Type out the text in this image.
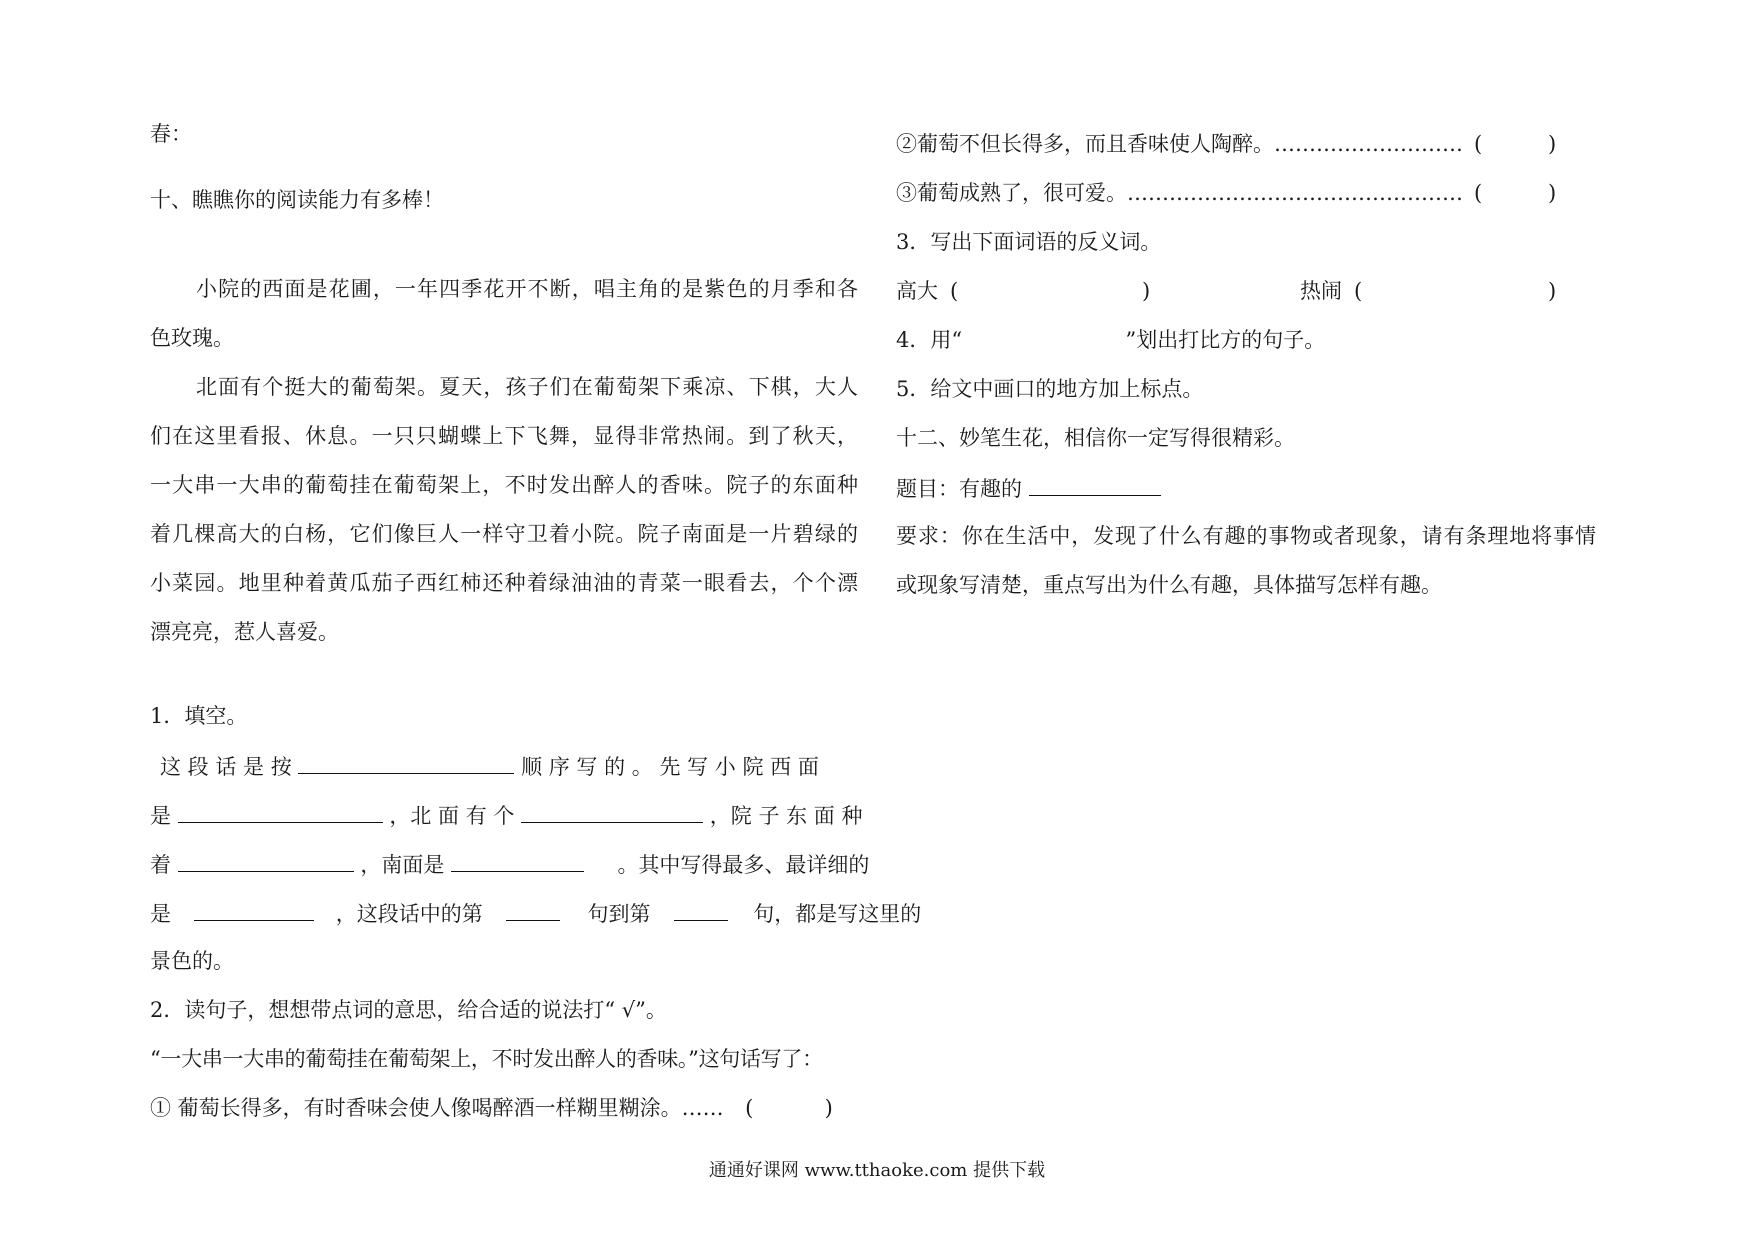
春：
十、瞧瞧你的阅读能力有多棒！
小院的西面是花圃，一年四季花开不断，唱主角的是紫色的月季和各
色玫瑰。
北面有个挺大的葡萄架。夏天，孩子们在葡萄架下乘凉、下棋，大人
们在这里看报、休息。一只只蝴蝶上下飞舞，显得非常热闹。到了秋天，
一大串一大串的葡萄挂在葡萄架上，不时发出醉人的香味。院子的东面种
着几棵高大的白杨，它们像巨人一样守卫着小院。院子南面是一片碧绿的
小菜园。地里种着黄瓜茄子西红柿还种着绿油油的青菜一眼看去，个个漂
漂亮亮，惹人喜爱。
1．填空。
这 段 话 是 按	顺 序 写 的 。 先 写 小 院 西 面
是	，北 面 有 个	，院 子 东 面 种
着	，南面是	。其中写得最多、最详细的
是	，这段话中的第	句到第	句，都是写这里的
景色的。
2．读句子，想想带点词的意思，给合适的说法打“ √”。
“一大串一大串的葡萄挂在葡萄架上，不时发出醉人的香味。”这句话写了：
① 葡萄长得多，有时香味会使人像喝醉酒一样糊里糊涂。…… (	)
②葡萄不但长得多，而且香味使人陶醉。……………………… (	)
③葡萄成熟了，很可爱。………………………………………… (	)
3．写出下面词语的反义词。
高大 (	)	热闹 (	)
4．用“	”划出打比方的句子。
5．给文中画口的地方加上标点。
十二、妙笔生花，相信你一定写得很精彩。
题目：有趣的
要求：你在生活中，发现了什么有趣的事物或者现象，请有条理地将事情
或现象写清楚，重点写出为什么有趣，具体描写怎样有趣。
通通好课网 www.tthaoke.com 提供下载
